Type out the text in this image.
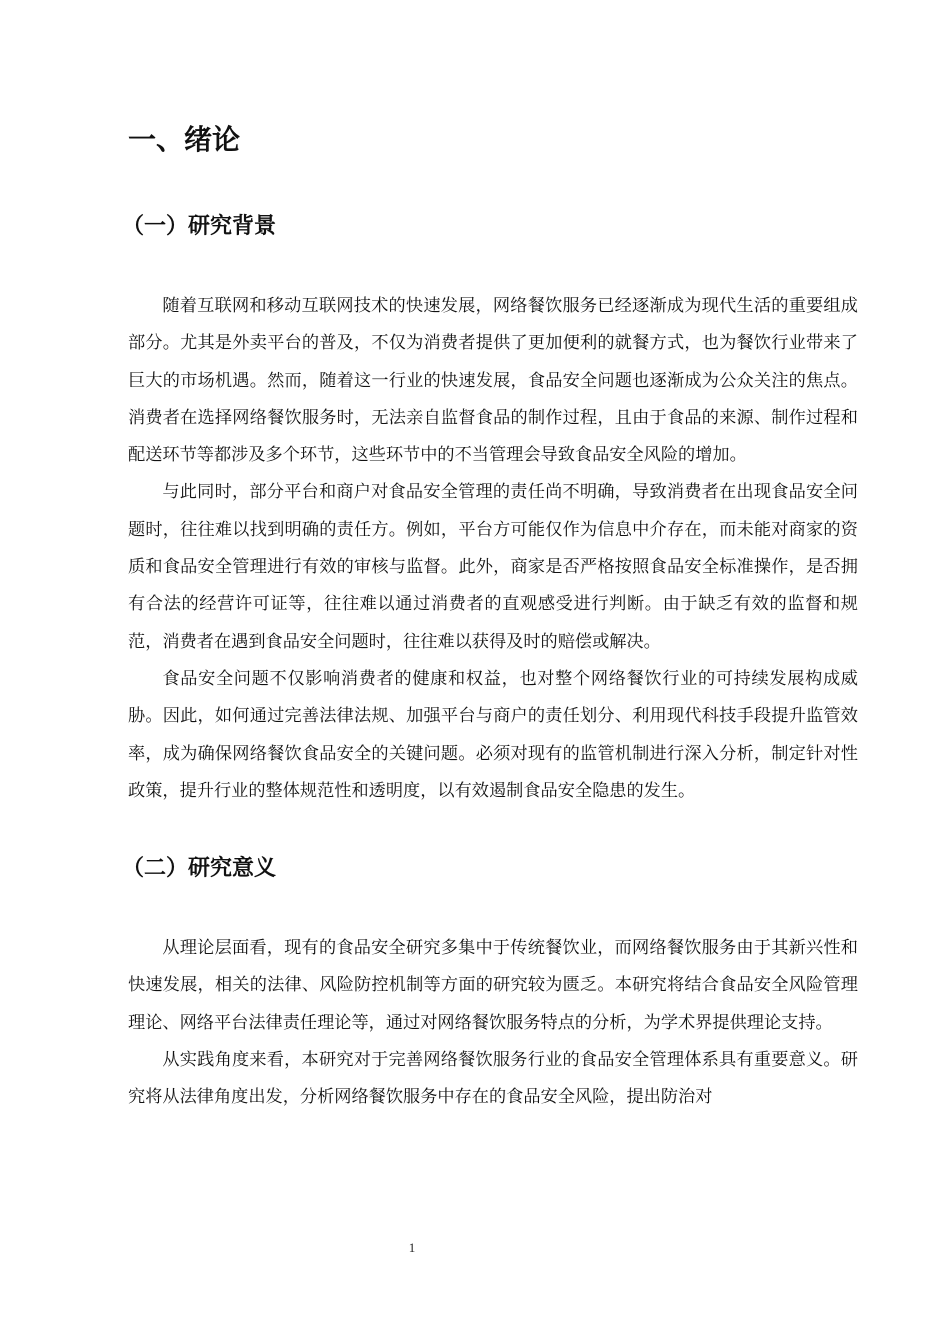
一、绪论
（一）研究背景

随着互联网和移动互联网技术的快速发展，网络餐饮服务已经逐渐成为现代生活的重要组成部分。尤其是外卖平台的普及，不仅为消费者提供了更加便利的就餐方式，也为餐饮行业带来了巨大的市场机遇。然而，随着这一行业的快速发展，食品安全问题也逐渐成为公众关注的焦点。消费者在选择网络餐饮服务时，无法亲自监督食品的制作过程，且由于食品的来源、制作过程和配送环节等都涉及多个环节，这些环节中的不当管理会导致食品安全风险的增加。

与此同时，部分平台和商户对食品安全管理的责任尚不明确，导致消费者在出现食品安全问题时，往往难以找到明确的责任方。例如，平台方可能仅作为信息中介存在，而未能对商家的资质和食品安全管理进行有效的审核与监督。此外，商家是否严格按照食品安全标准操作，是否拥有合法的经营许可证等，往往难以通过消费者的直观感受进行判断。由于缺乏有效的监督和规范，消费者在遇到食品安全问题时，往往难以获得及时的赔偿或解决。

食品安全问题不仅影响消费者的健康和权益，也对整个网络餐饮行业的可持续发展构成威胁。因此，如何通过完善法律法规、加强平台与商户的责任划分、利用现代科技手段提升监管效率，成为确保网络餐饮食品安全的关键问题。必须对现有的监管机制进行深入分析，制定针对性政策，提升行业的整体规范性和透明度，以有效遏制食品安全隐患的发生。

（二）研究意义

从理论层面看，现有的食品安全研究多集中于传统餐饮业，而网络餐饮服务由于其新兴性和快速发展，相关的法律、风险防控机制等方面的研究较为匮乏。本研究将结合食品安全风险管理理论、网络平台法律责任理论等，通过对网络餐饮服务特点的分析，为学术界提供理论支持。

从实践角度来看，本研究对于完善网络餐饮服务行业的食品安全管理体系具有重要意义。研究将从法律角度出发，分析网络餐饮服务中存在的食品安全风险，提出防治对

1
